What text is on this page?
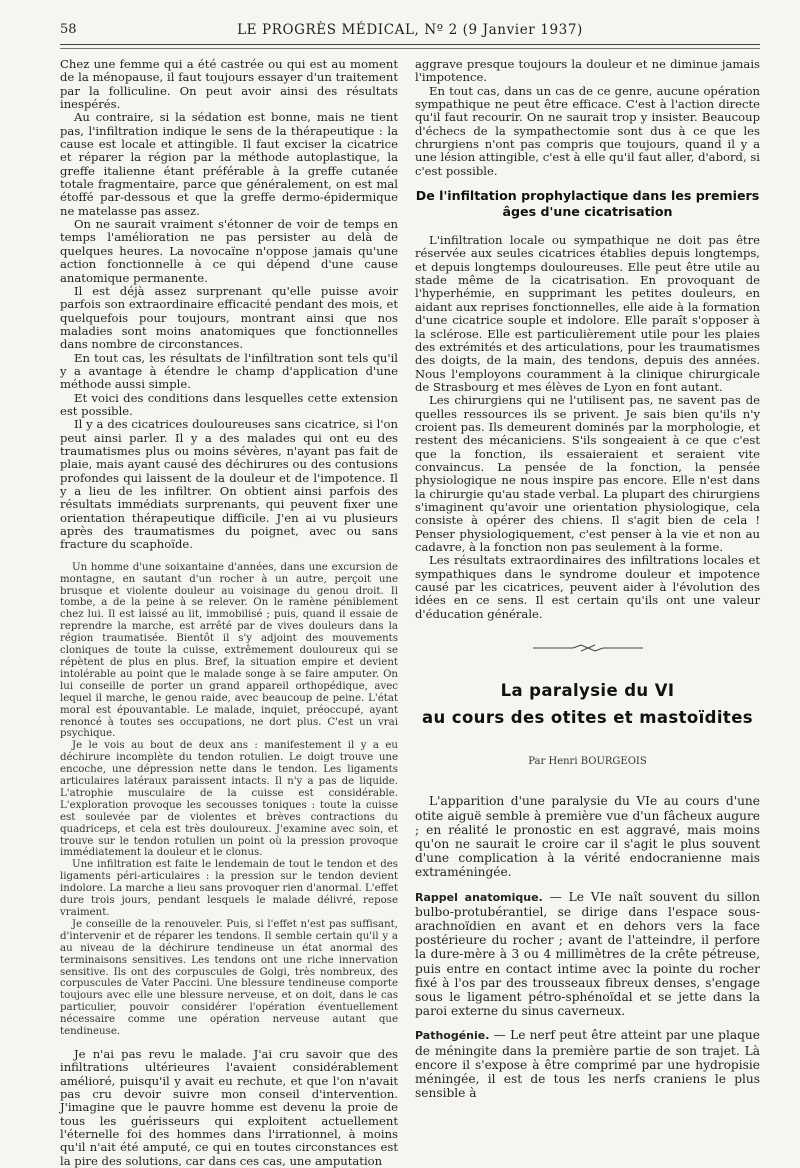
58	LE PROGRÈS MÉDICAL, Nº 2 (9 Janvier 1937)

Chez une femme qui a été castrée ou qui est au moment de la ménopause, il faut toujours essayer d'un traitement par la folliculine. On peut avoir ainsi des résultats inespérés.

Au contraire, si la sédation est bonne, mais ne tient pas, l'infiltration indique le sens de la thérapeutique : la cause est locale et attingible. Il faut exciser la cicatrice et réparer la région par la méthode autoplastique, la greffe italienne étant préférable à la greffe cutanée totale fragmentaire, parce que généralement, on est mal étoffé par-dessous et que la greffe dermo-épidermique ne matelasse pas assez.

On ne saurait vraiment s'étonner de voir de temps en temps l'amélioration ne pas persister au delà de quelques heures. La novocaïne n'oppose jamais qu'une action fonctionnelle à ce qui dépend d'une cause anatomique permanente.

Il est déjà assez surprenant qu'elle puisse avoir parfois son extraordinaire efficacité pendant des mois, et quelquefois pour toujours, montrant ainsi que nos maladies sont moins anatomiques que fonctionnelles dans nombre de circonstances.

En tout cas, les résultats de l'infiltration sont tels qu'il y a avantage à étendre le champ d'application d'une méthode aussi simple.

Et voici des conditions dans lesquelles cette extension est possible.

Il y a des cicatrices douloureuses sans cicatrice, si l'on peut ainsi parler. Il y a des malades qui ont eu des traumatismes plus ou moins sévères, n'ayant pas fait de plaie, mais ayant causé des déchirures ou des contusions profondes qui laissent de la douleur et de l'impotence. Il y a lieu de les infiltrer. On obtient ainsi parfois des résultats immédiats surprenants, qui peuvent fixer une orientation thérapeutique difficile. J'en ai vu plusieurs après des traumatismes du poignet, avec ou sans fracture du scaphoïde.

Un homme d'une soixantaine d'années, dans une excursion de montagne, en sautant d'un rocher à un autre, perçoit une brusque et violente douleur au voisinage du genou droit. Il tombe, a de la peine à se relever. On le ramène péniblement chez lui. Il est laissé au lit, immobilisé ; puis, quand il essaie de reprendre la marche, est arrêté par de vives douleurs dans la région traumatisée. Bientôt il s'y adjoint des mouvements cloniques de toute la cuisse, extrêmement douloureux qui se répètent de plus en plus. Bref, la situation empire et devient intolérable au point que le malade songe à se faire amputer. On lui conseille de porter un grand appareil orthopédique, avec lequel il marche, le genou raide, avec beaucoup de peine. L'état moral est épouvantable. Le malade, inquiet, préoccupé, ayant renoncé à toutes ses occupations, ne dort plus. C'est un vrai psychique.

Je le vois au bout de deux ans : manifestement il y a eu déchirure incomplète du tendon rotulien. Le doigt trouve une encoche, une dépression nette dans le tendon. Les ligaments articulaires latéraux paraissent intacts. Il n'y a pas de liquide. L'atrophie musculaire de la cuisse est considérable. L'exploration provoque les secousses toniques : toute la cuisse est soulevée par de violentes et brèves contractions du quadriceps, et cela est très douloureux. J'examine avec soin, et trouve sur le tendon rotulien un point où la pression provoque immédiatement la douleur et le clonus.

Une infiltration est faite le lendemain de tout le tendon et des ligaments péri-articulaires : la pression sur le tendon devient indolore. La marche a lieu sans provoquer rien d'anormal. L'effet dure trois jours, pendant lesquels le malade délivré, repose vraiment.

Je conseille de la renouveler. Puis, si l'effet n'est pas suffisant, d'intervenir et de réparer les tendons. Il semble certain qu'il y a au niveau de la déchirure tendineuse un état anormal des terminaisons sensitives. Les tendons ont une riche innervation sensitive. Ils ont des corpuscules de Golgi, très nombreux, des corpuscules de Vater Paccini. Une blessure tendineuse comporte toujours avec elle une blessure nerveuse, et on doit, dans le cas particulier, pouvoir considérer l'opération éventuellement nécessaire comme une opération nerveuse autant que tendineuse.

Je n'ai pas revu le malade. J'ai cru savoir que des infiltrations ultérieures l'avaient considérablement amélioré, puisqu'il y avait eu rechute, et que l'on n'avait pas cru devoir suivre mon conseil d'intervention. J'imagine que le pauvre homme est devenu la proie de tous les guérisseurs qui exploitent actuellement l'éternelle foi des hommes dans l'irrationnel, à moins qu'il n'ait été amputé, ce qui en toutes circonstances est la pire des solutions, car dans ces cas, une amputation

aggrave presque toujours la douleur et ne diminue jamais l'impotence.

En tout cas, dans un cas de ce genre, aucune opération sympathique ne peut être efficace. C'est à l'action directe qu'il faut recourir. On ne saurait trop y insister. Beaucoup d'échecs de la sympathectomie sont dus à ce que les chrurgiens n'ont pas compris que toujours, quand il y a une lésion attingible, c'est à elle qu'il faut aller, d'abord, si c'est possible.

De l'infiltation prophylactique dans les premiers âges d'une cicatrisation

L'infiltration locale ou sympathique ne doit pas être réservée aux seules cicatrices établies depuis longtemps, et depuis longtemps douloureuses. Elle peut être utile au stade même de la cicatrisation. En provoquant de l'hyperhémie, en supprimant les petites douleurs, en aidant aux reprises fonctionnelles, elle aide à la formation d'une cicatrice souple et indolore. Elle paraît s'opposer à la sclérose. Elle est particulièrement utile pour les plaies des extrémités et des articulations, pour les traumatismes des doigts, de la main, des tendons, depuis des années. Nous l'employons couramment à la clinique chirurgicale de Strasbourg et mes élèves de Lyon en font autant.

Les chirurgiens qui ne l'utilisent pas, ne savent pas de quelles ressources ils se privent. Je sais bien qu'ils n'y croient pas. Ils demeurent dominés par la morphologie, et restent des mécaniciens. S'ils songeaient à ce que c'est que la fonction, ils essaieraient et seraient vite convaincus. La pensée de la fonction, la pensée physiologique ne nous inspire pas encore. Elle n'est dans la chirurgie qu'au stade verbal. La plupart des chirurgiens s'imaginent qu'avoir une orientation physiologique, cela consiste à opérer des chiens. Il s'agit bien de cela ! Penser physiologiquement, c'est penser à la vie et non au cadavre, à la fonction non pas seulement à la forme.

Les résultats extraordinaires des infiltrations locales et sympathiques dans le syndrome douleur et impotence causé par les cicatrices, peuvent aider à l'évolution des idées en ce sens. Il est certain qu'ils ont une valeur d'éducation générale.

La paralysie du VI
au cours des otites et mastoïdites
Par Henri BOURGEOIS

L'apparition d'une paralysie du VIe au cours d'une otite aiguë semble à première vue d'un fâcheux augure ; en réalité le pronostic en est aggravé, mais moins qu'on ne saurait le croire car il s'agit le plus souvent d'une complication à la vérité endocranienne mais extraméningée.

Rappel anatomique. — Le VIe naît souvent du sillon bulbo-protubérantiel, se dirige dans l'espace sous-arachnoïdien en avant et en dehors vers la face postérieure du rocher ; avant de l'atteindre, il perfore la dure-mère à 3 ou 4 millimètres de la crête pétreuse, puis entre en contact intime avec la pointe du rocher fixé à l'os par des trousseaux fibreux denses, s'engage sous le ligament pétro-sphénoïdal et se jette dans la paroi externe du sinus caverneux.

Pathogénie. — Le nerf peut être atteint par une plaque de méningite dans la première partie de son trajet. Là encore il s'expose à être comprimé par une hydropisie méningée, il est de tous les nerfs craniens le plus sensible à
